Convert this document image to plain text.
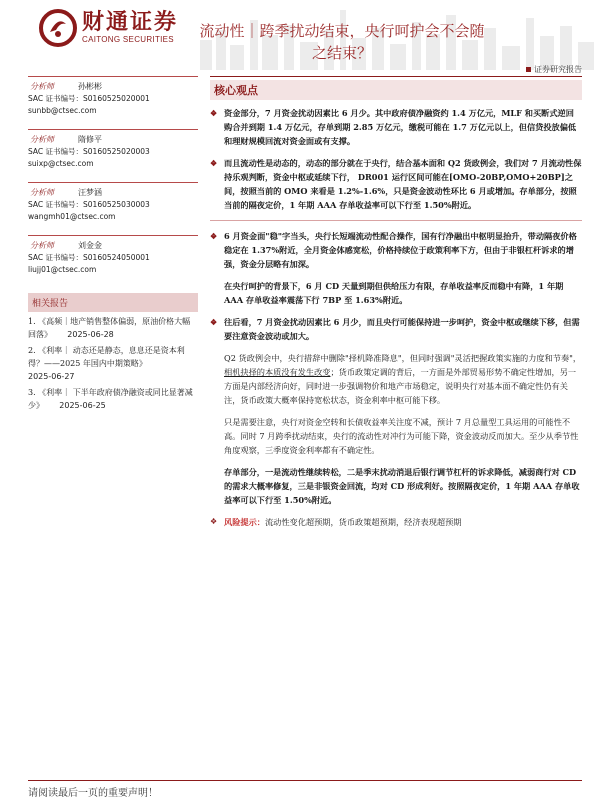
财通证券
CAITONG SECURITIES	流动性｜跨季扰动结束，央行呵护会不会随
之结束？
证券研究报告
分析师	孙彬彬
SAC 证书编号：S0160525020001
sunbb@ctsec.com
分析师	隋修平
SAC 证书编号：S0160525020003
suixp@ctsec.com
分析师	汪梦涵
SAC 证书编号：S0160525030003
wangmh01@ctsec.com
分析师	刘金金
SAC 证书编号：S0160524050001
liujj01@ctsec.com
相关报告
1. 《高频｜地产销售整体偏弱，原油价格大幅回落》 2025-06-28
2. 《利率｜ 动态还是静态，息息还是资本利得？——2025 年国内中期策略》
2025-06-27
3. 《利率｜ 下半年政府债净融资或同比显著减少》 2025-06-25
核心观点
❖ 资金部分，7 月资金扰动因素比 6 月少。其中政府债净融资约 1.4 万亿元，MLF 和买断式逆回购合并到期 1.4 万亿元，存单到期 2.85 万亿元，缴税可能在 1.7 万亿元以上，但信贷投放偏低和理财规模回流对资金面或有支撑。
❖ 而且流动性是动态的，动态的部分就在于央行，结合基本面和 Q2 货政例会，我们对 7 月流动性保持乐观判断，资金中枢或延续下行， DR001 运行区间可能在[OMO-20BP,OMO+20BP]之间，按照当前的 OMO 来看是 1.2%-1.6%，只是资金波动性环比 6 月或增加。存单部分，按照当前的隔夜定价，1 年期 AAA 存单收益率可以下行至 1.50%附近。
❖ 6 月资金面"稳"字当头，央行长短端流动性配合操作，国有行净融出中枢明显抬升，带动隔夜价格稳定在 1.37%附近，全月资金体感宽松，价格持续位于政策利率下方，但由于非银杠杆诉求的增强，资金分层略有加深。
在央行呵护的背景下，6 月 CD 天量到期但供给压力有限，存单收益率反而稳中有降，1 年期 AAA 存单收益率震荡下行 7BP 至 1.63%附近。
❖ 往后看，7 月资金扰动因素比 6 月少，而且央行可能保持进一步呵护，资金中枢或继续下移，但需要注意资金波动或加大。
Q2 货政例会中，央行措辞中删除"择机降准降息"，但同时强调"灵活把握政策实施的力度和节奏"，相机抉择的本质没有发生改变；货币政策定调的背后，一方面是外部贸易形势不确定性增加，另一方面是内部经济向好，同时进一步强调物价和地产市场稳定，说明央行对基本面不确定性仍有关注，货币政策大概率保持宽松状态，资金利率中枢可能下移。
只是需要注意，央行对资金空转和长债收益率关注度不减，预计 7 月总量型工具运用的可能性不高。同时 7 月跨季扰动结束，央行的流动性对冲行为可能下降，资金波动反而加大。至少从季节性角度观察，三季度资金利率都有不确定性。
存单部分，一是流动性继续转松，二是季末扰动消退后银行调节杠杆的诉求降低，减弱商行对 CD 的需求大概率修复，三是非银资金回流，均对 CD 形成利好。按照隔夜定价，1 年期 AAA 存单收益率可以下行至 1.50%附近。
❖ 风险提示：流动性变化超预期，货币政策超预期，经济表现超预期
请阅读最后一页的重要声明！
